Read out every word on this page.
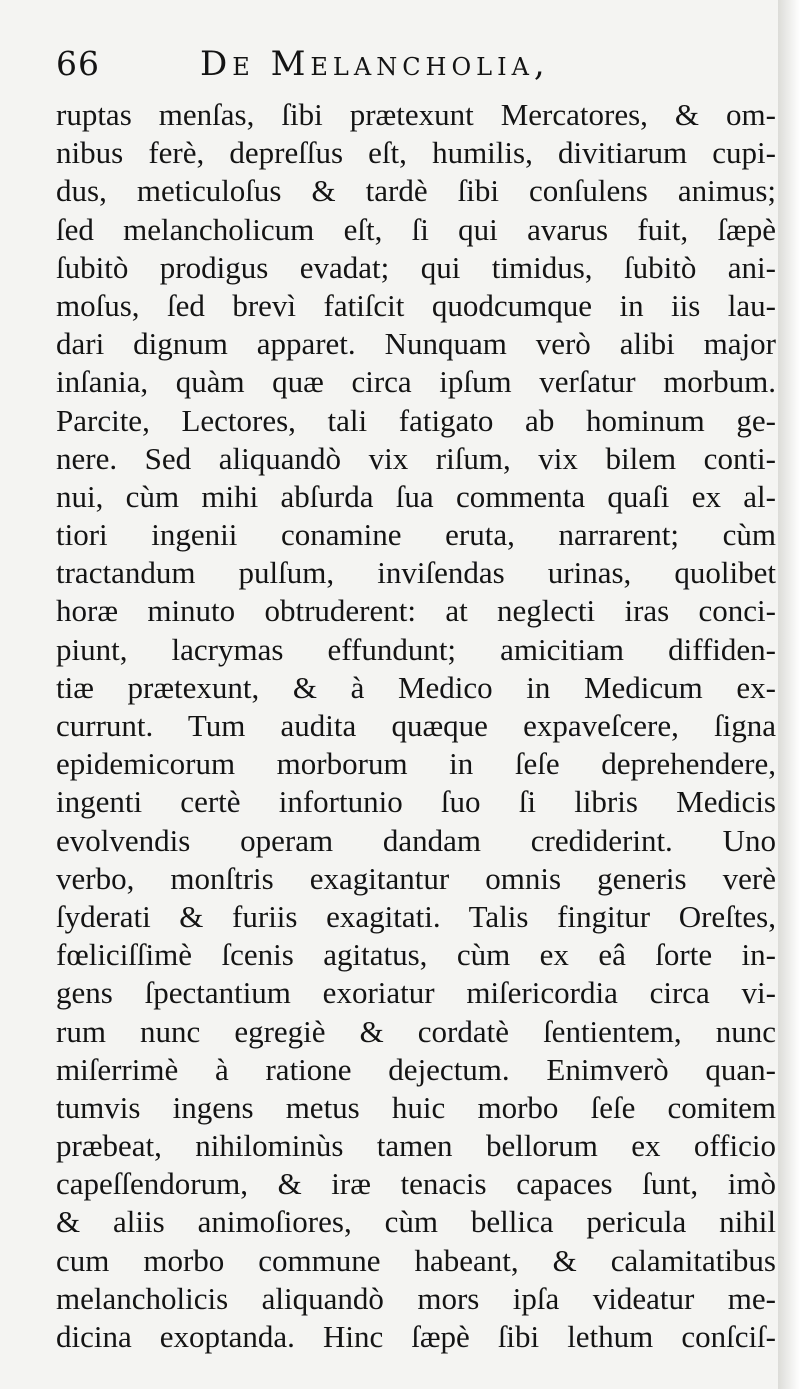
66	De Melancholia,
ruptas menſas, ſibi prætexunt Mercatores, & om-
nibus ferè, depreſſus eſt, humilis, divitiarum cupi-
dus, meticuloſus & tardè ſibi conſulens animus;
ſed melancholicum eſt, ſi qui avarus fuit, ſæpè
ſubitò prodigus evadat; qui timidus, ſubitò ani-
moſus, ſed brevì fatiſcit quodcumque in iis lau-
dari dignum apparet. Nunquam verò alibi major
inſania, quàm quæ circa ipſum verſatur morbum.
Parcite, Lectores, tali fatigato ab hominum ge-
nere. Sed aliquandò vix riſum, vix bilem conti-
nui, cùm mihi abſurda ſua commenta quaſi ex al-
tiori ingenii conamine eruta, narrarent; cùm
tractandum pulſum, inviſendas urinas, quolibet
horæ minuto obtruderent: at neglecti iras conci-
piunt, lacrymas effundunt; amicitiam diffiden-
tiæ prætexunt, & à Medico in Medicum ex-
currunt. Tum audita quæque expaveſcere, ſigna
epidemicorum morborum in ſeſe deprehendere,
ingenti certè infortunio ſuo ſi libris Medicis
evolvendis operam dandam crediderint. Uno
verbo, monſtris exagitantur omnis generis verè
ſyderati & furiis exagitati. Talis fingitur Oreſtes,
fœliciſſimè ſcenis agitatus, cùm ex eâ ſorte in-
gens ſpectantium exoriatur miſericordia circa vi-
rum nunc egregiè & cordatè ſentientem, nunc
miſerrimè à ratione dejectum. Enimverò quan-
tumvis ingens metus huic morbo ſeſe comitem
præbeat, nihilominùs tamen bellorum ex officio
capeſſendorum, & iræ tenacis capaces ſunt, imò
& aliis animoſiores, cùm bellica pericula nihil
cum morbo commune habeant, & calamitatibus
melancholicis aliquandò mors ipſa videatur me-
dicina exoptanda. Hinc ſæpè ſibi lethum conſciſ-
